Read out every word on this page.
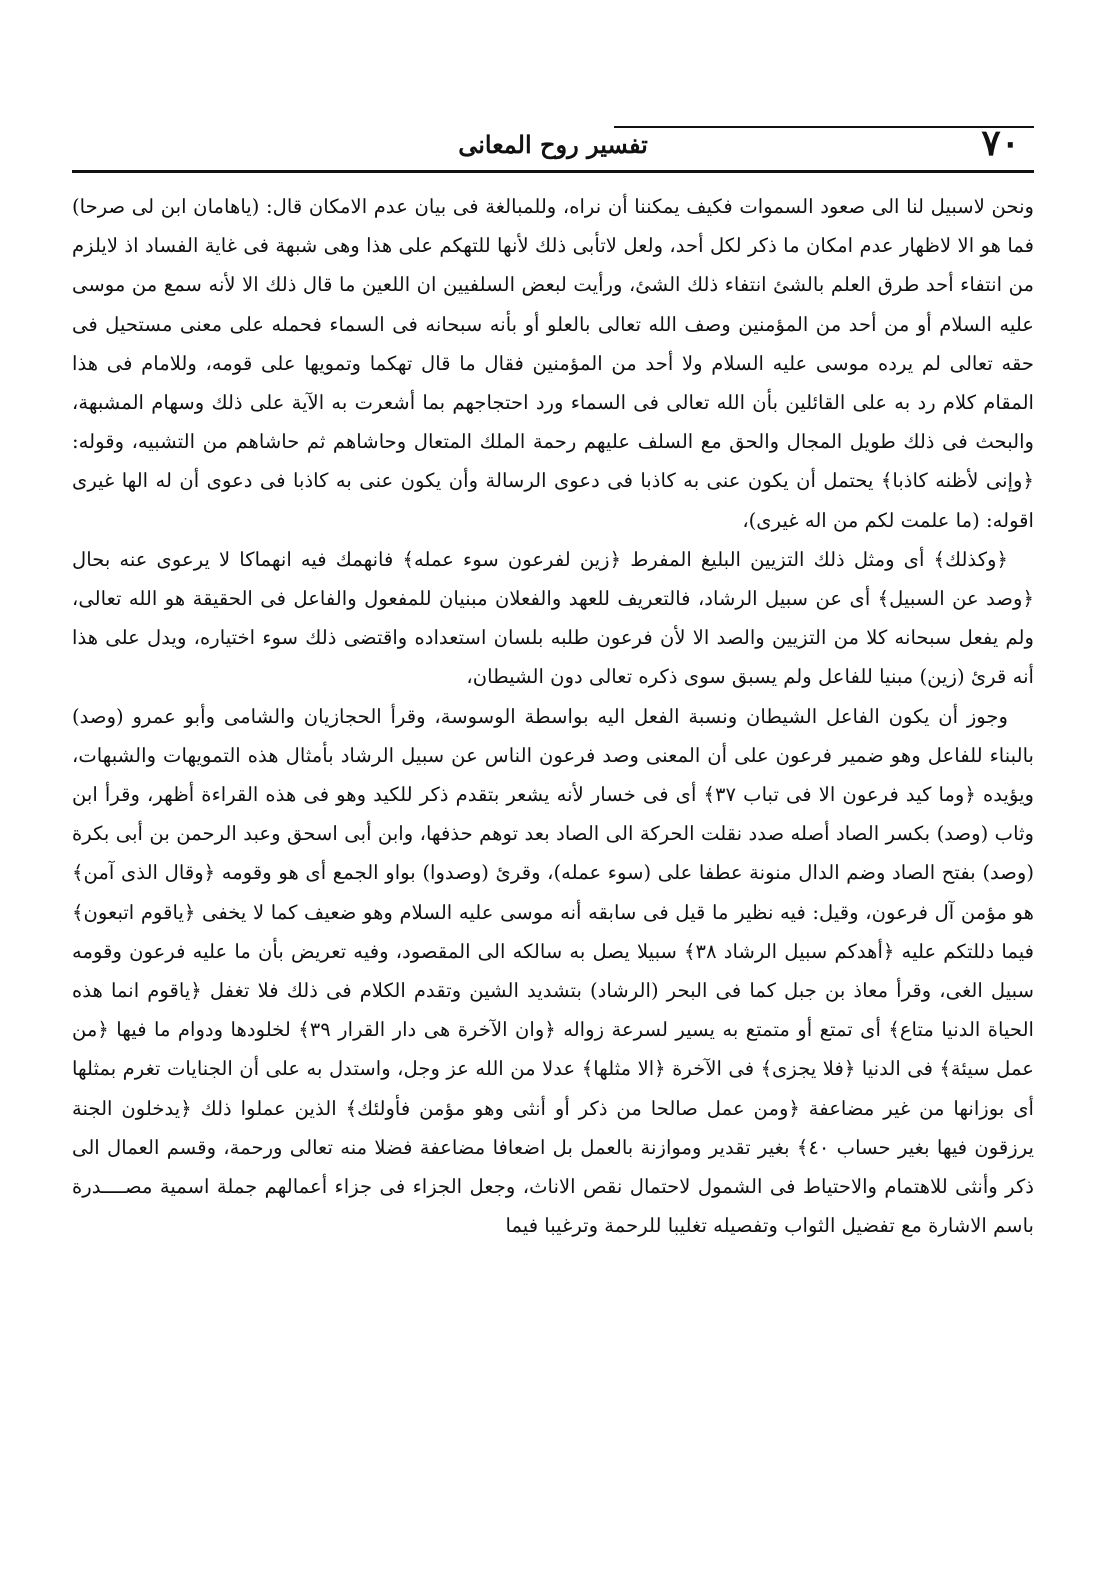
٧٠
تفسير روح المعانى

ونحن لاسبيل لنا الى صعود السموات فكيف يمكننا أن نراه، وللمبالغة فى بيان عدم الامكان قال: (ياهامان ابن لى صرحا) فما هو الا لاظهار عدم امكان ما ذكر لكل أحد، ولعل لاتأبى ذلك لأنها للتهكم على هذا وهى شبهة فى غاية الفساد اذ لايلزم من انتفاء أحد طرق العلم بالشئ انتفاء ذلك الشئ، ورأيت لبعض السلفيين ان اللعين ما قال ذلك الا لأنه سمع من موسى عليه السلام أو من أحد من المؤمنين وصف الله تعالى بالعلو أو بأنه سبحانه فى السماء فحمله على معنى مستحيل فى حقه تعالى لم يرده موسى عليه السلام ولا أحد من المؤمنين فقال ما قال تهكما وتمويها على قومه، وللامام فى هذا المقام كلام رد به على القائلين بأن الله تعالى فى السماء ورد احتجاجهم بما أشعرت به الآية على ذلك وسهام المشبهة، والبحث فى ذلك طويل المجال والحق مع السلف عليهم رحمة الملك المتعال وحاشاهم ثم حاشاهم من التشبيه، وقوله: ﴿وإنى لأظنه كاذبا﴾ يحتمل أن يكون عنى به كاذبا فى دعوى الرسالة وأن يكون عنى به كاذبا فى دعوى أن له الها غيرى اقوله: (ما علمت لكم من اله غيرى)،

﴿وكذلك﴾ أى ومثل ذلك التزيين البليغ المفرط ﴿زين لفرعون سوء عمله﴾ فانهمك فيه انهماكا لا يرعوى عنه بحال ﴿وصد عن السبيل﴾ أى عن سبيل الرشاد، فالتعريف للعهد والفعلان مبنيان للمفعول والفاعل فى الحقيقة هو الله تعالى، ولم يفعل سبحانه كلا من التزيين والصد الا لأن فرعون طلبه بلسان استعداده واقتضى ذلك سوء اختياره، ويدل على هذا أنه قرئ (زين) مبنيا للفاعل ولم يسبق سوى ذكره تعالى دون الشيطان،

وجوز أن يكون الفاعل الشيطان ونسبة الفعل اليه بواسطة الوسوسة، وقرأ الحجازيان والشامى وأبو عمرو (وصد) بالبناء للفاعل وهو ضمير فرعون على أن المعنى وصد فرعون الناس عن سبيل الرشاد بأمثال هذه التمويهات والشبهات، ويؤيده ﴿وما كيد فرعون الا فى تباب ٣٧﴾ أى فى خسار لأنه يشعر بتقدم ذكر للكيد وهو فى هذه القراءة أظهر، وقرأ ابن وثاب (وصد) بكسر الصاد أصله صدد نقلت الحركة الى الصاد بعد توهم حذفها، وابن أبى اسحق وعبد الرحمن بن أبى بكرة (وصد) بفتح الصاد وضم الدال منونة عطفا على (سوء عمله)، وقرئ (وصدوا) بواو الجمع أى هو وقومه ﴿وقال الذى آمن﴾ هو مؤمن آل فرعون، وقيل: فيه نظير ما قيل فى سابقه أنه موسى عليه السلام وهو ضعيف كما لا يخفى ﴿ياقوم اتبعون﴾ فيما دللتكم عليه ﴿أهدكم سبيل الرشاد ٣٨﴾ سبيلا يصل به سالكه الى المقصود، وفيه تعريض بأن ما عليه فرعون وقومه سبيل الغى، وقرأ معاذ بن جبل كما فى البحر (الرشاد) بتشديد الشين وتقدم الكلام فى ذلك فلا تغفل ﴿ياقوم انما هذه الحياة الدنيا متاع﴾ أى تمتع أو متمتع به يسير لسرعة زواله ﴿وان الآخرة هى دار القرار ٣٩﴾ لخلودها ودوام ما فيها ﴿من عمل سيئة﴾ فى الدنيا ﴿فلا يجزى﴾ فى الآخرة ﴿الا مثلها﴾ عدلا من الله عز وجل، واستدل به على أن الجنايات تغرم بمثلها أى بوزانها من غير مضاعفة ﴿ومن عمل صالحا من ذكر أو أنثى وهو مؤمن فأولئك﴾ الذين عملوا ذلك ﴿يدخلون الجنة يرزقون فيها بغير حساب ٤٠﴾ بغير تقدير وموازنة بالعمل بل اضعافا مضاعفة فضلا منه تعالى ورحمة، وقسم العمال الى ذكر وأنثى للاهتمام والاحتياط فى الشمول لاحتمال نقص الاناث، وجعل الجزاء فى جزاء أعمالهم جملة اسمية مصــــدرة باسم الاشارة مع تفضيل الثواب وتفصيله تغليبا للرحمة وترغيبا فيما
